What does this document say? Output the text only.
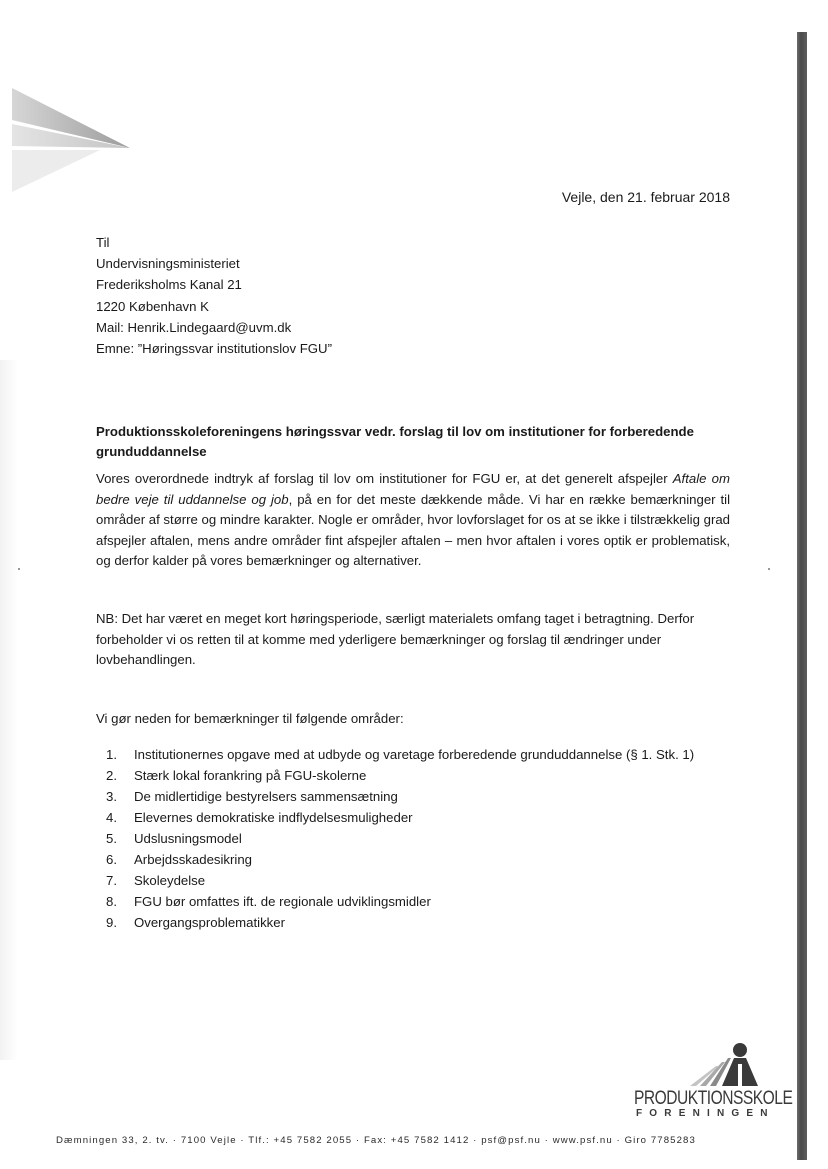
Vejle, den 21. februar 2018
Til
Undervisningsministeriet
Frederiksholms Kanal 21
1220 København K
Mail: Henrik.Lindegaard@uvm.dk
Emne: ”Høringssvar institutionslov FGU”
Produktionsskoleforeningens høringssvar vedr. forslag til lov om institutioner for forberedende grunduddannelse

Vores overordnede indtryk af forslag til lov om institutioner for FGU er, at det generelt afspejler Aftale om bedre veje til uddannelse og job, på en for det meste dækkende måde. Vi har en række bemærkninger til områder af større og mindre karakter. Nogle er områder, hvor lovforslaget for os at se ikke i tilstrækkelig grad afspejler aftalen, mens andre områder fint afspejler aftalen – men hvor aftalen i vores optik er problematisk, og derfor kalder på vores bemærkninger og alternativer.

NB: Det har været en meget kort høringsperiode, særligt materialets omfang taget i betragtning. Derfor forbeholder vi os retten til at komme med yderligere bemærkninger og forslag til ændringer under lovbehandlingen.

Vi gør neden for bemærkninger til følgende områder:

1. Institutionernes opgave med at udbyde og varetage forberedende grunduddannelse (§ 1. Stk. 1)
2. Stærk lokal forankring på FGU-skolerne
3. De midlertidige bestyrelsers sammensætning
4. Elevernes demokratiske indflydelsesmuligheder
5. Udslusningsmodel
6. Arbejdsskadesikring
7. Skoleydelse
8. FGU bør omfattes ift. de regionale udviklingsmidler
9. Overgangsproblematikker
PRODUKTIONSSKOLE
FORENINGEN
Dæmningen 33, 2. tv. · 7100 Vejle · Tlf.: +45 7582 2055 · Fax: +45 7582 1412 · psf@psf.nu · www.psf.nu · Giro 7785283
